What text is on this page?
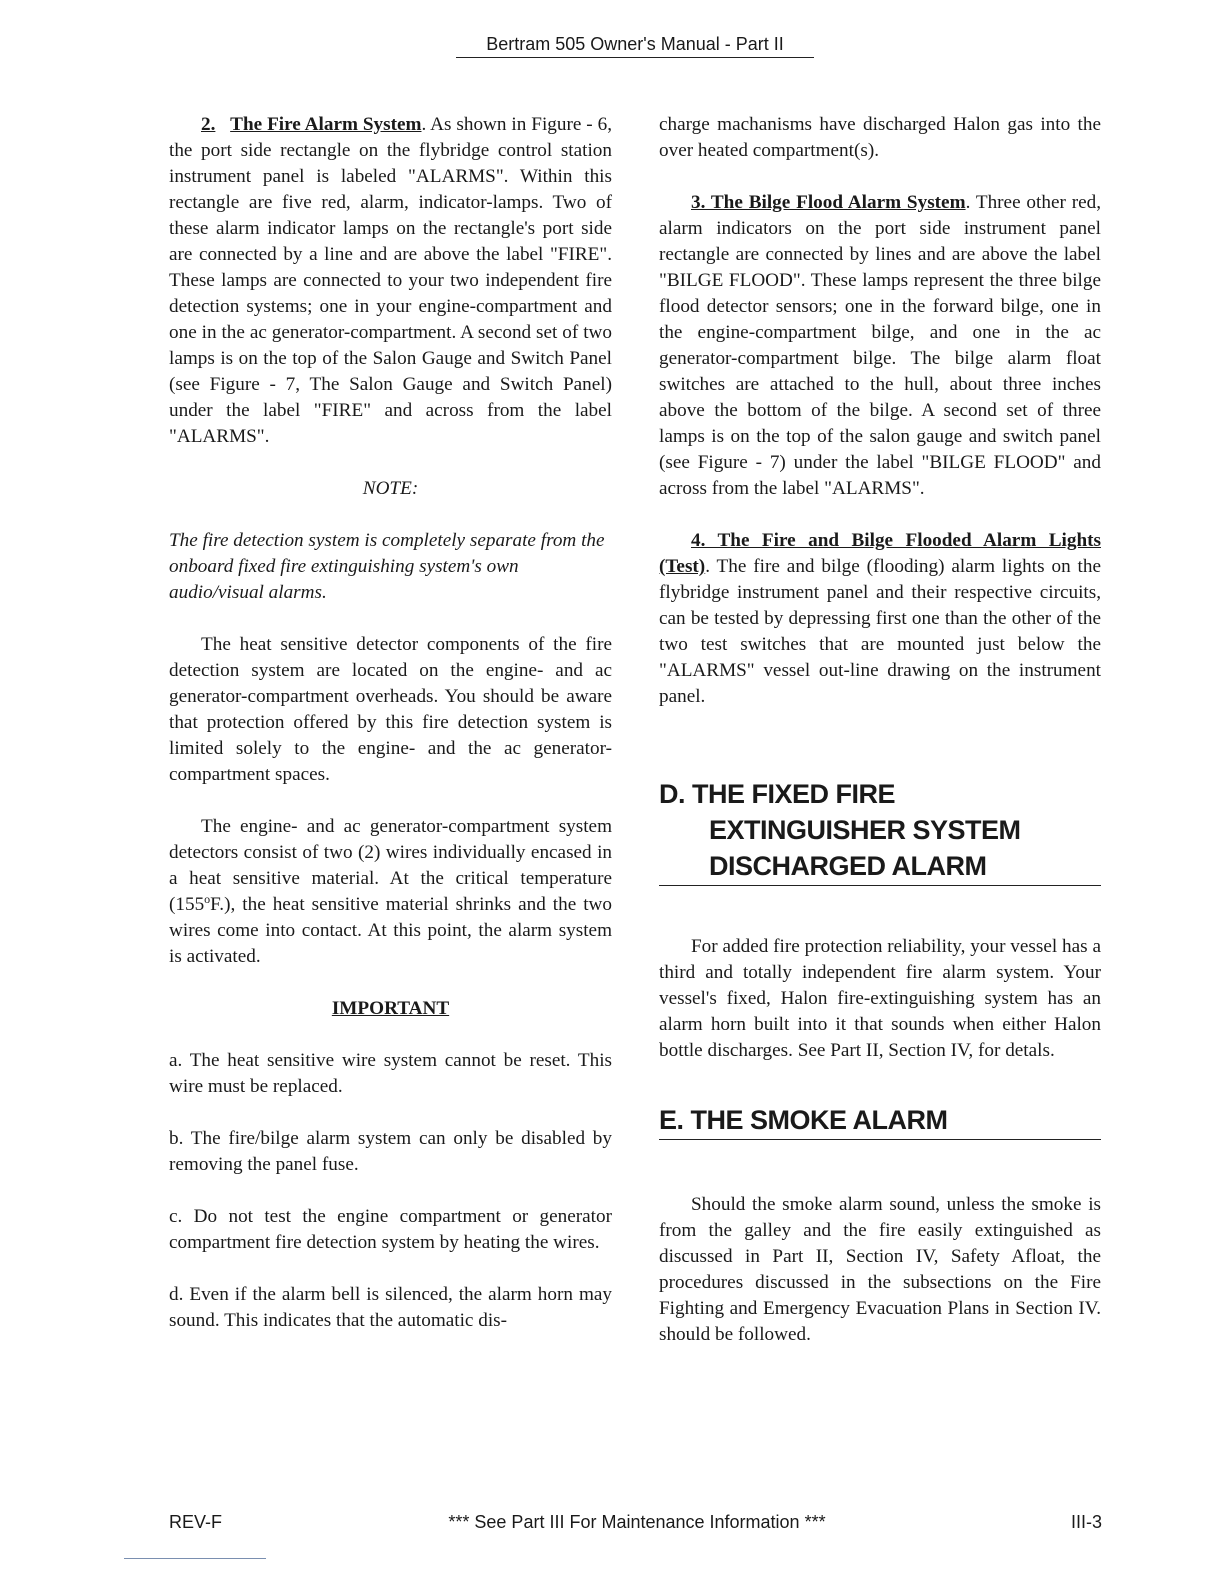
Bertram 505 Owner's Manual - Part II

2. The Fire Alarm System. As shown in Figure - 6, the port side rectangle on the flybridge control station instrument panel is labeled "ALARMS". Within this rectangle are five red, alarm, indicator-lamps. Two of these alarm indicator lamps on the rectangle's port side are connected by a line and are above the label "FIRE". These lamps are connected to your two independent fire detection systems; one in your engine-compartment and one in the ac generator-compartment. A second set of two lamps is on the top of the Salon Gauge and Switch Panel (see Figure - 7, The Salon Gauge and Switch Panel) under the label "FIRE" and across from the label "ALARMS".

NOTE:

The fire detection system is completely separate from the onboard fixed fire extinguishing system's own audio/visual alarms.

The heat sensitive detector components of the fire detection system are located on the engine- and ac generator-compartment overheads. You should be aware that protection offered by this fire detection system is limited solely to the engine- and the ac generator-compartment spaces.

The engine- and ac generator-compartment system detectors consist of two (2) wires individually encased in a heat sensitive material. At the critical temperature (155$^o$F.), the heat sensitive material shrinks and the two wires come into contact. At this point, the alarm system is activated.

IMPORTANT

a. The heat sensitive wire system cannot be reset. This wire must be replaced.

b. The fire/bilge alarm system can only be disabled by removing the panel fuse.

c. Do not test the engine compartment or generator compartment fire detection system by heating the wires.

d. Even if the alarm bell is silenced, the alarm horn may sound. This indicates that the automatic dis-

charge machanisms have discharged Halon gas into the over heated compartment(s).

3. The Bilge Flood Alarm System. Three other red, alarm indicators on the port side instrument panel rectangle are connected by lines and are above the label "BILGE FLOOD". These lamps represent the three bilge flood detector sensors; one in the forward bilge, one in the engine-compartment bilge, and one in the ac generator-compartment bilge. The bilge alarm float switches are attached to the hull, about three inches above the bottom of the bilge. A second set of three lamps is on the top of the salon gauge and switch panel (see Figure - 7) under the label "BILGE FLOOD" and across from the label "ALARMS".

4. The Fire and Bilge Flooded Alarm Lights (Test). The fire and bilge (flooding) alarm lights on the flybridge instrument panel and their respective circuits, can be tested by depressing first one than the other of the two test switches that are mounted just below the "ALARMS" vessel out-line drawing on the instrument panel.

D. THE FIXED FIRE
EXTINGUISHER SYSTEM
DISCHARGED ALARM

For added fire protection reliability, your vessel has a third and totally independent fire alarm system. Your vessel's fixed, Halon fire-extinguishing system has an alarm horn built into it that sounds when either Halon bottle discharges. See Part II, Section IV, for detals.

E. THE SMOKE ALARM

Should the smoke alarm sound, unless the smoke is from the galley and the fire easily extinguished as discussed in Part II, Section IV, Safety Afloat, the procedures discussed in the subsections on the Fire Fighting and Emergency Evacuation Plans in Section IV. should be followed.

REV-F	*** See Part III For Maintenance Information ***	III-3
